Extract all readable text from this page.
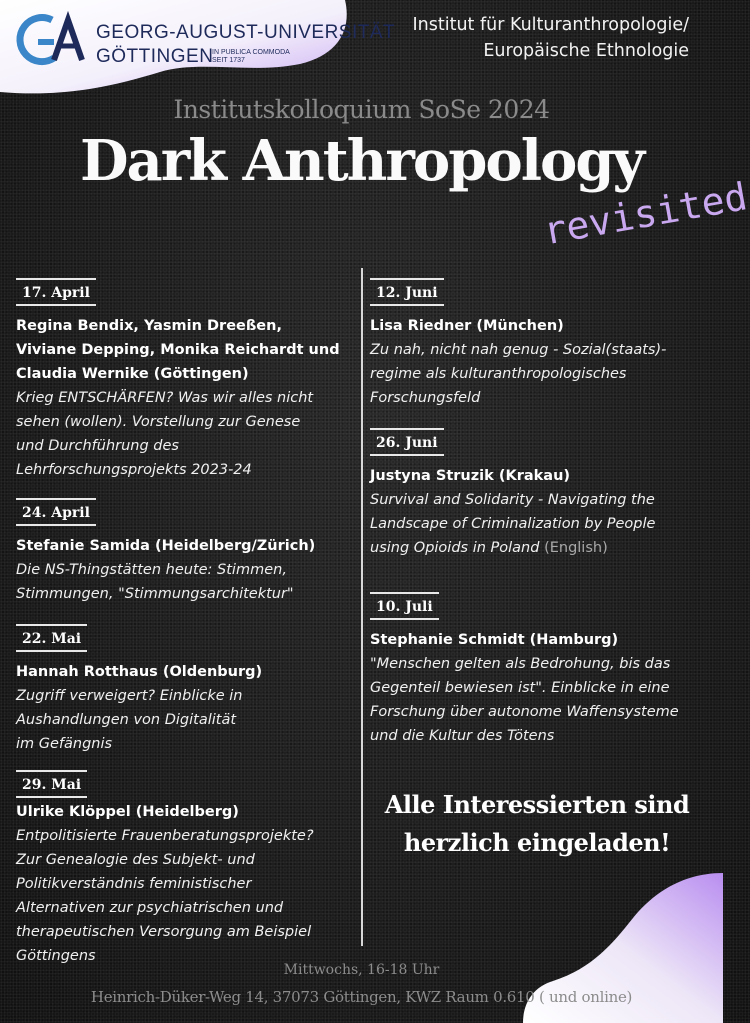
GEORG-AUGUST-UNIVERSITÄT
GÖTTINGEN
IN PUBLICA COMMODA
SEIT 1737
Institut für Kulturanthropologie/
Europäische Ethnologie
Institutskolloquium SoSe 2024
Dark Anthropology
revisited
17. April
Regina Bendix, Yasmin Dreeßen,
Viviane Depping, Monika Reichardt und
Claudia Wernike (Göttingen)
Krieg ENTSCHÄRFEN? Was wir alles nicht
sehen (wollen). Vorstellung zur Genese
und Durchführung des
Lehrforschungsprojekts 2023-24
24. April
Stefanie Samida (Heidelberg/Zürich)
Die NS-Thingstätten heute: Stimmen,
Stimmungen, "Stimmungsarchitektur"
22. Mai
Hannah Rotthaus (Oldenburg)
Zugriff verweigert? Einblicke in
Aushandlungen von Digitalität
im Gefängnis
29. Mai
Ulrike Klöppel (Heidelberg)
Entpolitisierte Frauenberatungsprojekte?
Zur Genealogie des Subjekt- und
Politikverständnis feministischer
Alternativen zur psychiatrischen und
therapeutischen Versorgung am Beispiel
Göttingens
12. Juni
Lisa Riedner (München)
Zu nah, nicht nah genug - Sozial(staats)-
regime als kulturanthropologisches
Forschungsfeld
26. Juni
Justyna Struzik (Krakau)
Survival and Solidarity - Navigating the
Landscape of Criminalization by People
using Opioids in Poland (English)
10. Juli
Stephanie Schmidt (Hamburg)
"Menschen gelten als Bedrohung, bis das
Gegenteil bewiesen ist". Einblicke in eine
Forschung über autonome Waffensysteme
und die Kultur des Tötens
Alle Interessierten sind
herzlich eingeladen!
Mittwochs, 16-18 Uhr
Heinrich-Düker-Weg 14, 37073 Göttingen, KWZ Raum 0.610 ( und online)
